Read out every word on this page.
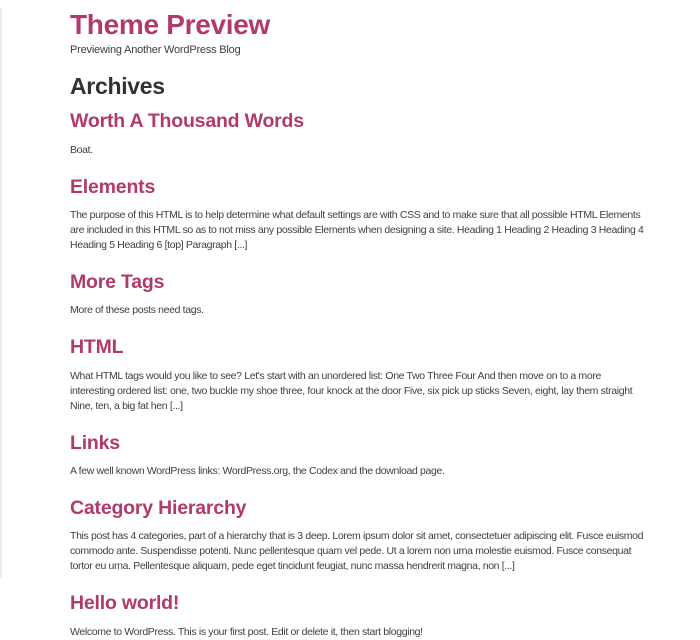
Theme Preview
Previewing Another WordPress Blog
Archives
Worth A Thousand Words

Boat.

Elements

The purpose of this HTML is to help determine what default settings are with CSS and to make sure that all possible HTML Elements are included in this HTML so as to not miss any possible Elements when designing a site. Heading 1 Heading 2 Heading 3 Heading 4 Heading 5 Heading 6 [top] Paragraph [...]

More Tags

More of these posts need tags.

HTML

What HTML tags would you like to see? Let's start with an unordered list: One Two Three Four And then move on to a more interesting ordered list: one, two buckle my shoe three, four knock at the door Five, six pick up sticks Seven, eight, lay them straight Nine, ten, a big fat hen [...]

Links

A few well known WordPress links: WordPress.org, the Codex and the download page.

Category Hierarchy

This post has 4 categories, part of a hierarchy that is 3 deep. Lorem ipsum dolor sit amet, consectetuer adipiscing elit. Fusce euismod commodo ante. Suspendisse potenti. Nunc pellentesque quam vel pede. Ut a lorem non urna molestie euismod. Fusce consequat tortor eu urna. Pellentesque aliquam, pede eget tincidunt feugiat, nunc massa hendrerit magna, non [...]

Hello world!

Welcome to WordPress. This is your first post. Edit or delete it, then start blogging!
